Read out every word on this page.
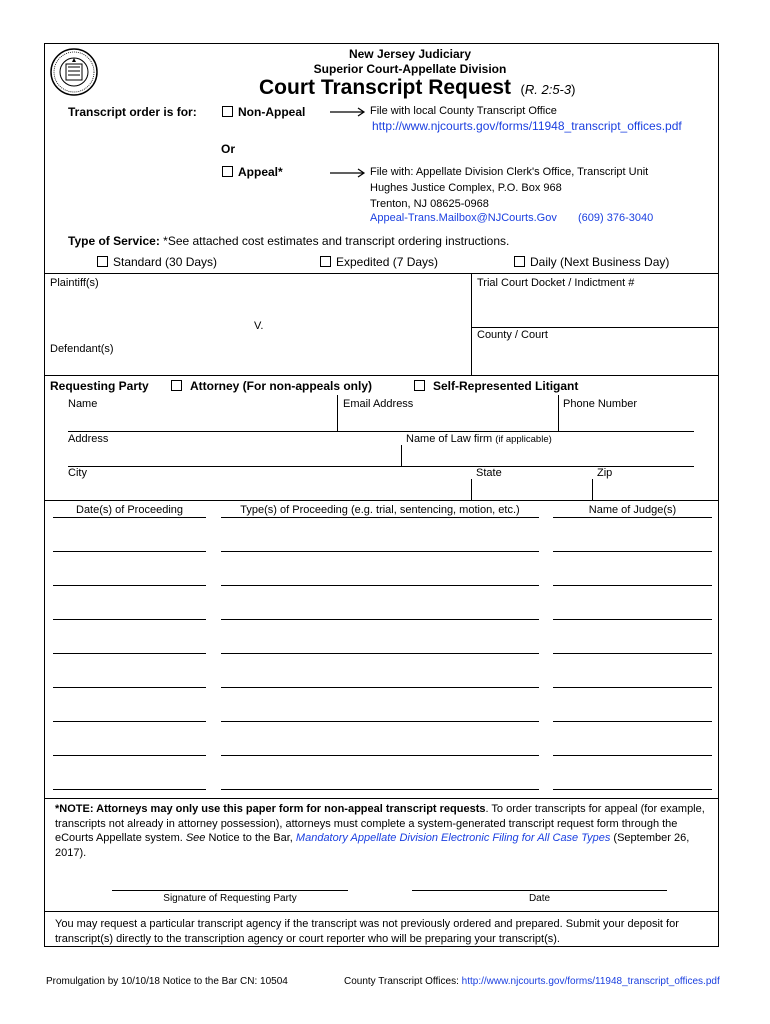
New Jersey Judiciary
Superior Court-Appellate Division
Court Transcript Request (R. 2:5-3)
Transcript order is for:	Non-Appeal	File with local County Transcript Office
http://www.njcourts.gov/forms/11948_transcript_offices.pdf
Or
Appeal*	File with: Appellate Division Clerk's Office, Transcript Unit
Hughes Justice Complex, P.O. Box 968
Trenton, NJ 08625-0968
Appeal-Trans.Mailbox@NJCourts.Gov (609) 376-3040
Type of Service: *See attached cost estimates and transcript ordering instructions.
Standard (30 Days)	Expedited (7 Days)	Daily (Next Business Day)
Plaintiff(s)
V.
Defendant(s)
Trial Court Docket / Indictment #
County / Court
Requesting Party	Attorney (For non-appeals only)	Self-Represented Litigant
Name	Email Address	Phone Number
Address	Name of Law firm (if applicable)
City	State	Zip
Date(s) of Proceeding	Type(s) of Proceeding (e.g. trial, sentencing, motion, etc.)	Name of Judge(s)
*NOTE: Attorneys may only use this paper form for non-appeal transcript requests. To order transcripts for appeal (for example, transcripts not already in attorney possession), attorneys must complete a system-generated transcript request form through the eCourts Appellate system. See Notice to the Bar, Mandatory Appellate Division Electronic Filing for All Case Types (September 26, 2017).
Signature of Requesting Party	Date
You may request a particular transcript agency if the transcript was not previously ordered and prepared. Submit your deposit for transcript(s) directly to the transcription agency or court reporter who will be preparing your transcript(s).
Promulgation by 10/10/18 Notice to the Bar CN: 10504	County Transcript Offices: http://www.njcourts.gov/forms/11948_transcript_offices.pdf
